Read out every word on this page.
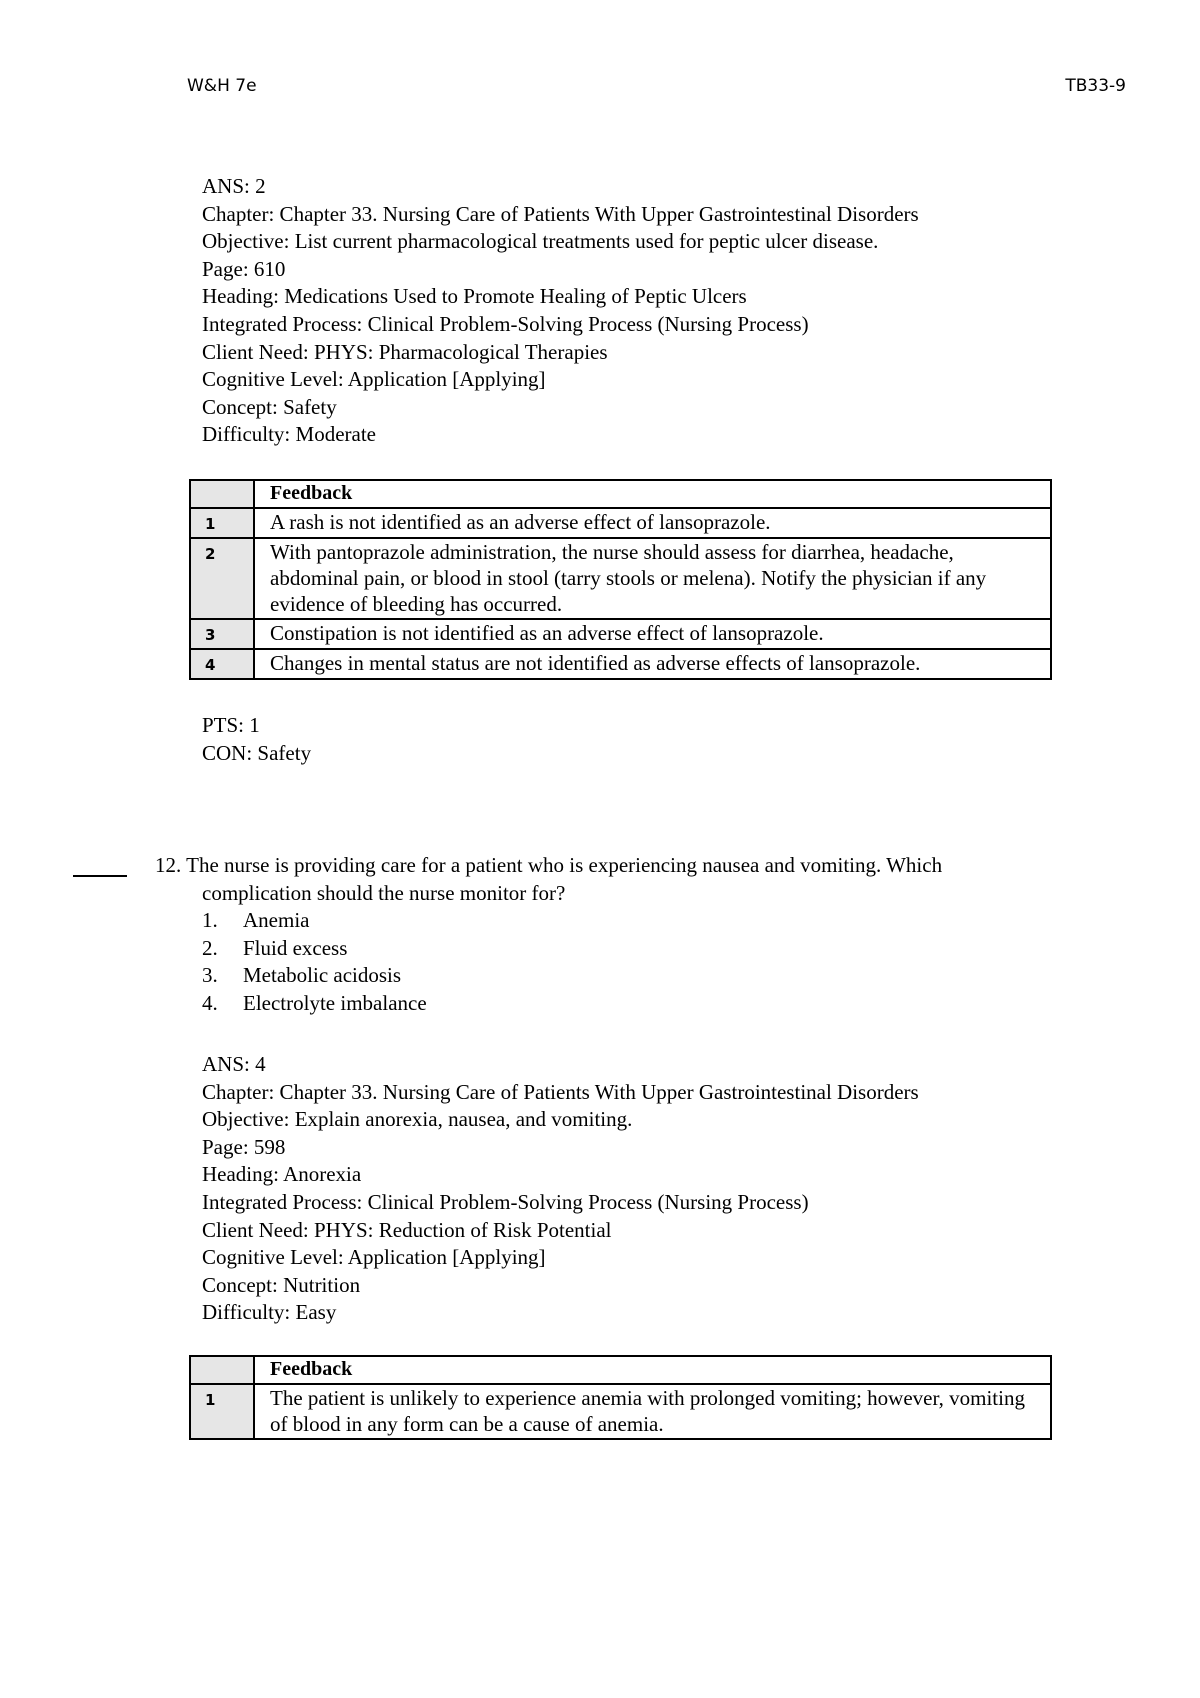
W&H 7e	TB33-9
ANS: 2
Chapter: Chapter 33. Nursing Care of Patients With Upper Gastrointestinal Disorders
Objective: List current pharmacological treatments used for peptic ulcer disease.
Page: 610
Heading: Medications Used to Promote Healing of Peptic Ulcers
Integrated Process: Clinical Problem-Solving Process (Nursing Process)
Client Need: PHYS: Pharmacological Therapies
Cognitive Level: Application [Applying]
Concept: Safety
Difficulty: Moderate
	Feedback
1	A rash is not identified as an adverse effect of lansoprazole.
2	With pantoprazole administration, the nurse should assess for diarrhea, headache, abdominal pain, or blood in stool (tarry stools or melena). Notify the physician if any evidence of bleeding has occurred.
3	Constipation is not identified as an adverse effect of lansoprazole.
4	Changes in mental status are not identified as adverse effects of lansoprazole.
PTS: 1
CON: Safety
12. The nurse is providing care for a patient who is experiencing nausea and vomiting. Which
complication should the nurse monitor for?
1. Anemia
2. Fluid excess
3. Metabolic acidosis
4. Electrolyte imbalance
ANS: 4
Chapter: Chapter 33. Nursing Care of Patients With Upper Gastrointestinal Disorders
Objective: Explain anorexia, nausea, and vomiting.
Page: 598
Heading: Anorexia
Integrated Process: Clinical Problem-Solving Process (Nursing Process)
Client Need: PHYS: Reduction of Risk Potential
Cognitive Level: Application [Applying]
Concept: Nutrition
Difficulty: Easy
	Feedback
1	The patient is unlikely to experience anemia with prolonged vomiting; however, vomiting of blood in any form can be a cause of anemia.
